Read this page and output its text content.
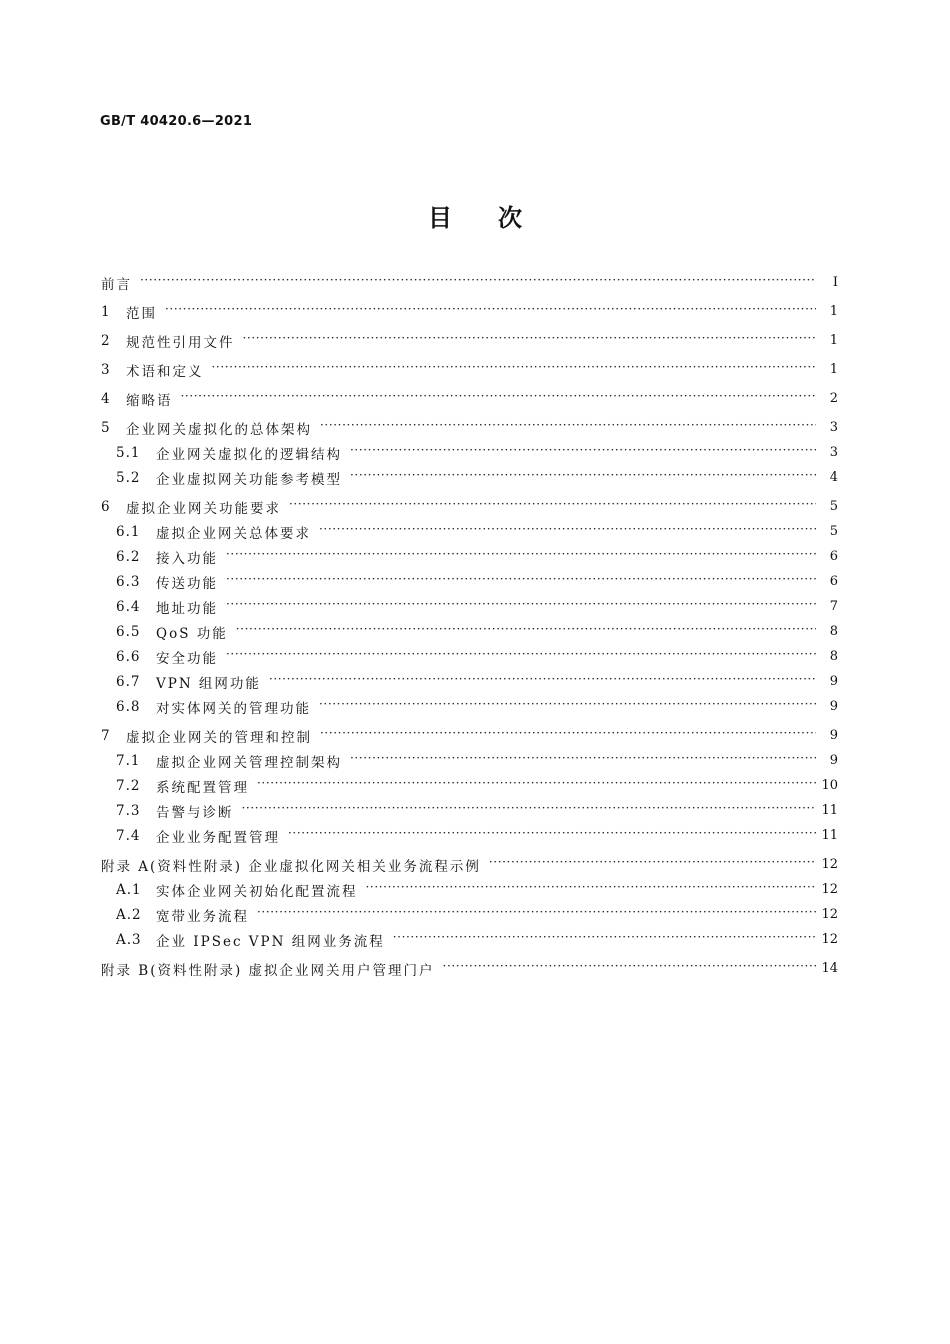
GB/T 40420.6—2021
目次
前言 ·····	Ⅰ
1	范围 ·····	1
2	规范性引用文件 ·····	1
3	术语和定义 ·····	1
4	缩略语 ·····	2
5	企业网关虚拟化的总体架构 ·····	3
5.1	企业网关虚拟化的逻辑结构 ·····	3
5.2	企业虚拟网关功能参考模型 ·····	4
6	虚拟企业网关功能要求 ·····	5
6.1	虚拟企业网关总体要求 ·····	5
6.2	接入功能 ·····	6
6.3	传送功能 ·····	6
6.4	地址功能 ·····	7
6.5	QoS 功能 ·····	8
6.6	安全功能 ·····	8
6.7	VPN 组网功能 ·····	9
6.8	对实体网关的管理功能 ·····	9
7	虚拟企业网关的管理和控制 ·····	9
7.1	虚拟企业网关管理控制架构 ·····	9
7.2	系统配置管理 ·····	10
7.3	告警与诊断 ·····	11
7.4	企业业务配置管理 ·····	11
附录 A(资料性附录) 企业虚拟化网关相关业务流程示例 ·····	12
A.1	实体企业网关初始化配置流程 ·····	12
A.2	宽带业务流程 ·····	12
A.3	企业 IPSec VPN 组网业务流程 ·····	12
附录 B(资料性附录) 虚拟企业网关用户管理门户 ·····	14
